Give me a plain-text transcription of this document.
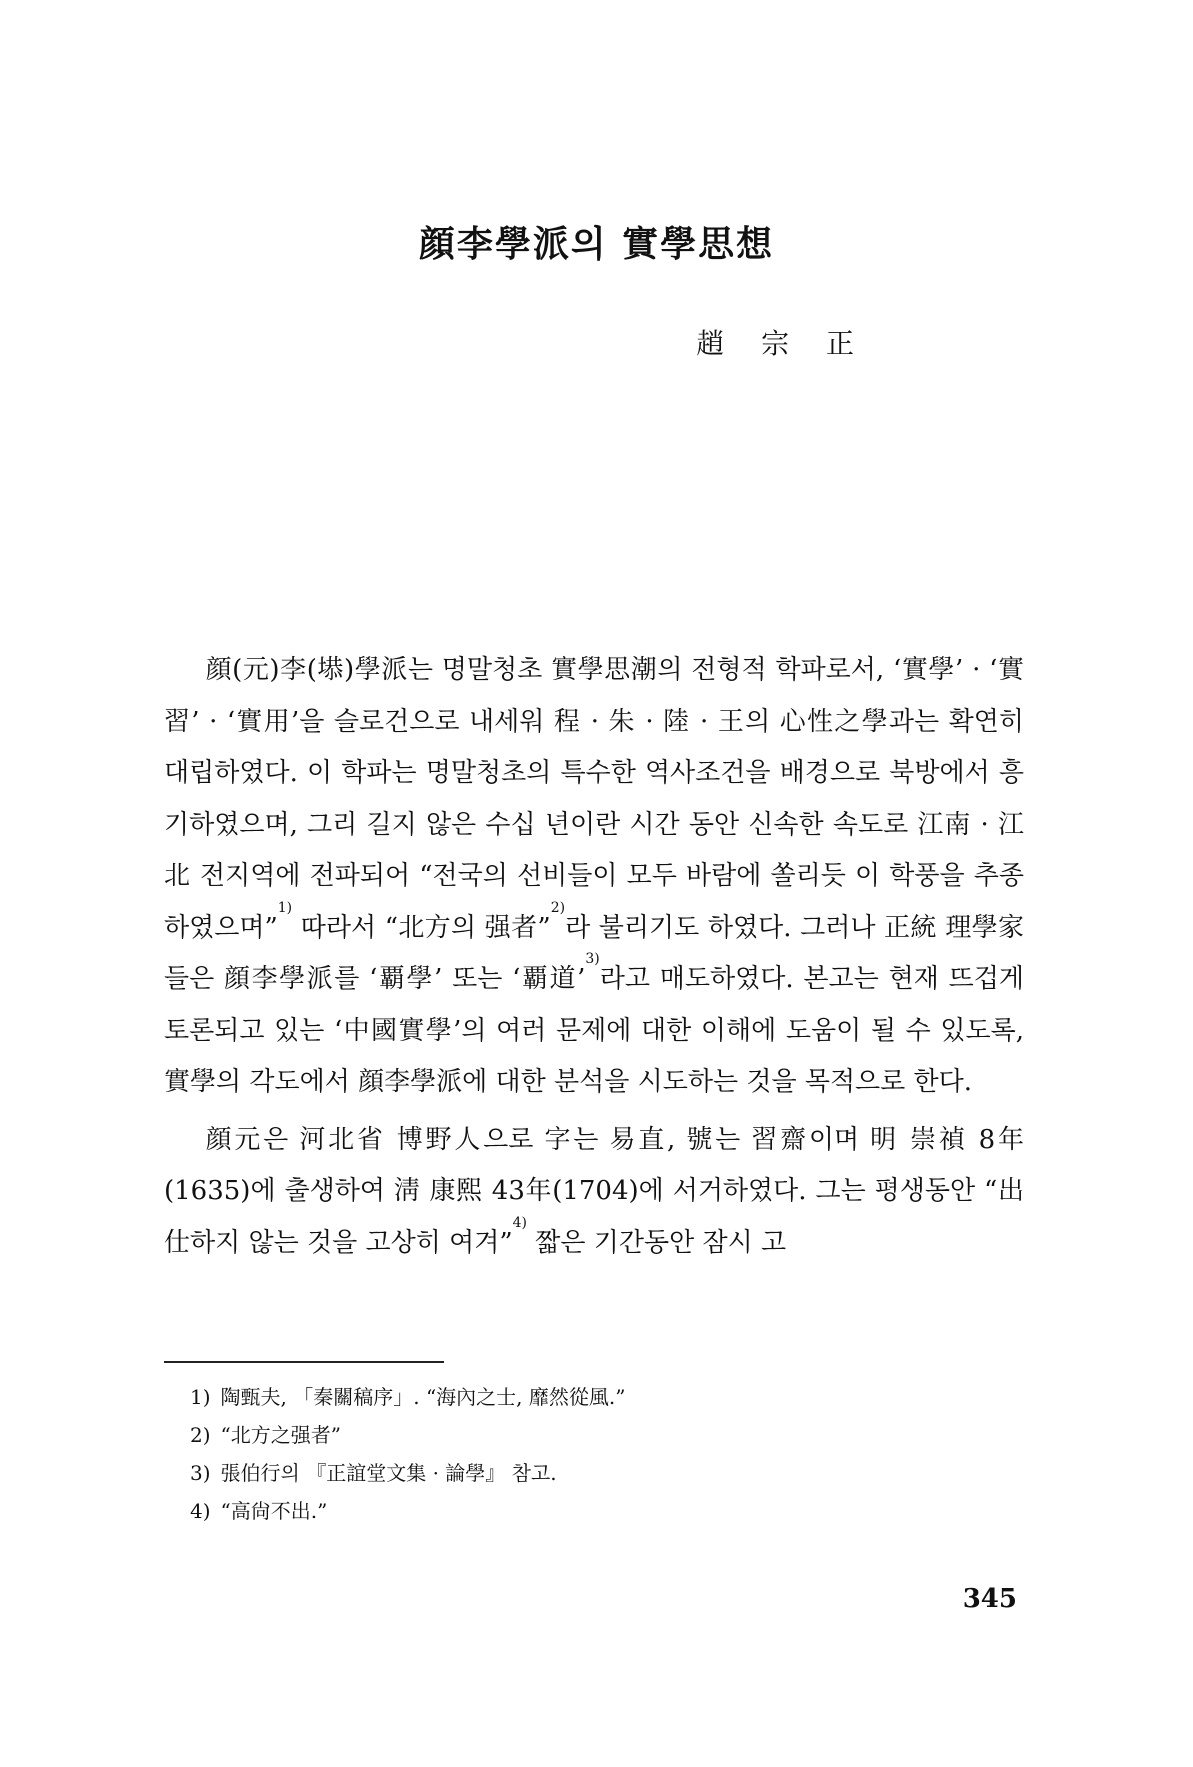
顔李學派의 實學思想
趙 宗 正

顔(元)李(塨)學派는 명말청초 實學思潮의 전형적 학파로서, ‘實學’ · ‘實習’ · ‘實用’을 슬로건으로 내세워 程 · 朱 · 陸 · 王의 心性之學과는 확연히 대립하였다. 이 학파는 명말청초의 특수한 역사조건을 배경으로 북방에서 흥기하였으며, 그리 길지 않은 수십 년이란 시간 동안 신속한 속도로 江南 · 江北 전지역에 전파되어 “전국의 선비들이 모두 바람에 쏠리듯 이 학풍을 추종하였으며”$^{1)}$ 따라서 “北方의 强者”$^{2)}$라 불리기도 하였다. 그러나 正統 理學家들은 顔李學派를 ‘覇學’ 또는 ‘覇道’$^{3)}$라고 매도하였다. 본고는 현재 뜨겁게 토론되고 있는 ‘中國實學’의 여러 문제에 대한 이해에 도움이 될 수 있도록, 實學의 각도에서 顔李學派에 대한 분석을 시도하는 것을 목적으로 한다.

顔元은 河北省 博野人으로 字는 易直, 號는 習齋이며 明 崇禎 8年(1635)에 출생하여 淸 康熙 43年(1704)에 서거하였다. 그는 평생동안 “出仕하지 않는 것을 고상히 여겨”$^{4)}$ 짧은 기간동안 잠시 고

1) 陶甄夫, 「秦關稿序」. “海內之士, 靡然從風.”
2) “北方之强者”
3) 張伯行의 『正誼堂文集 · 論學』 참고.
4) “高尙不出.”
345
